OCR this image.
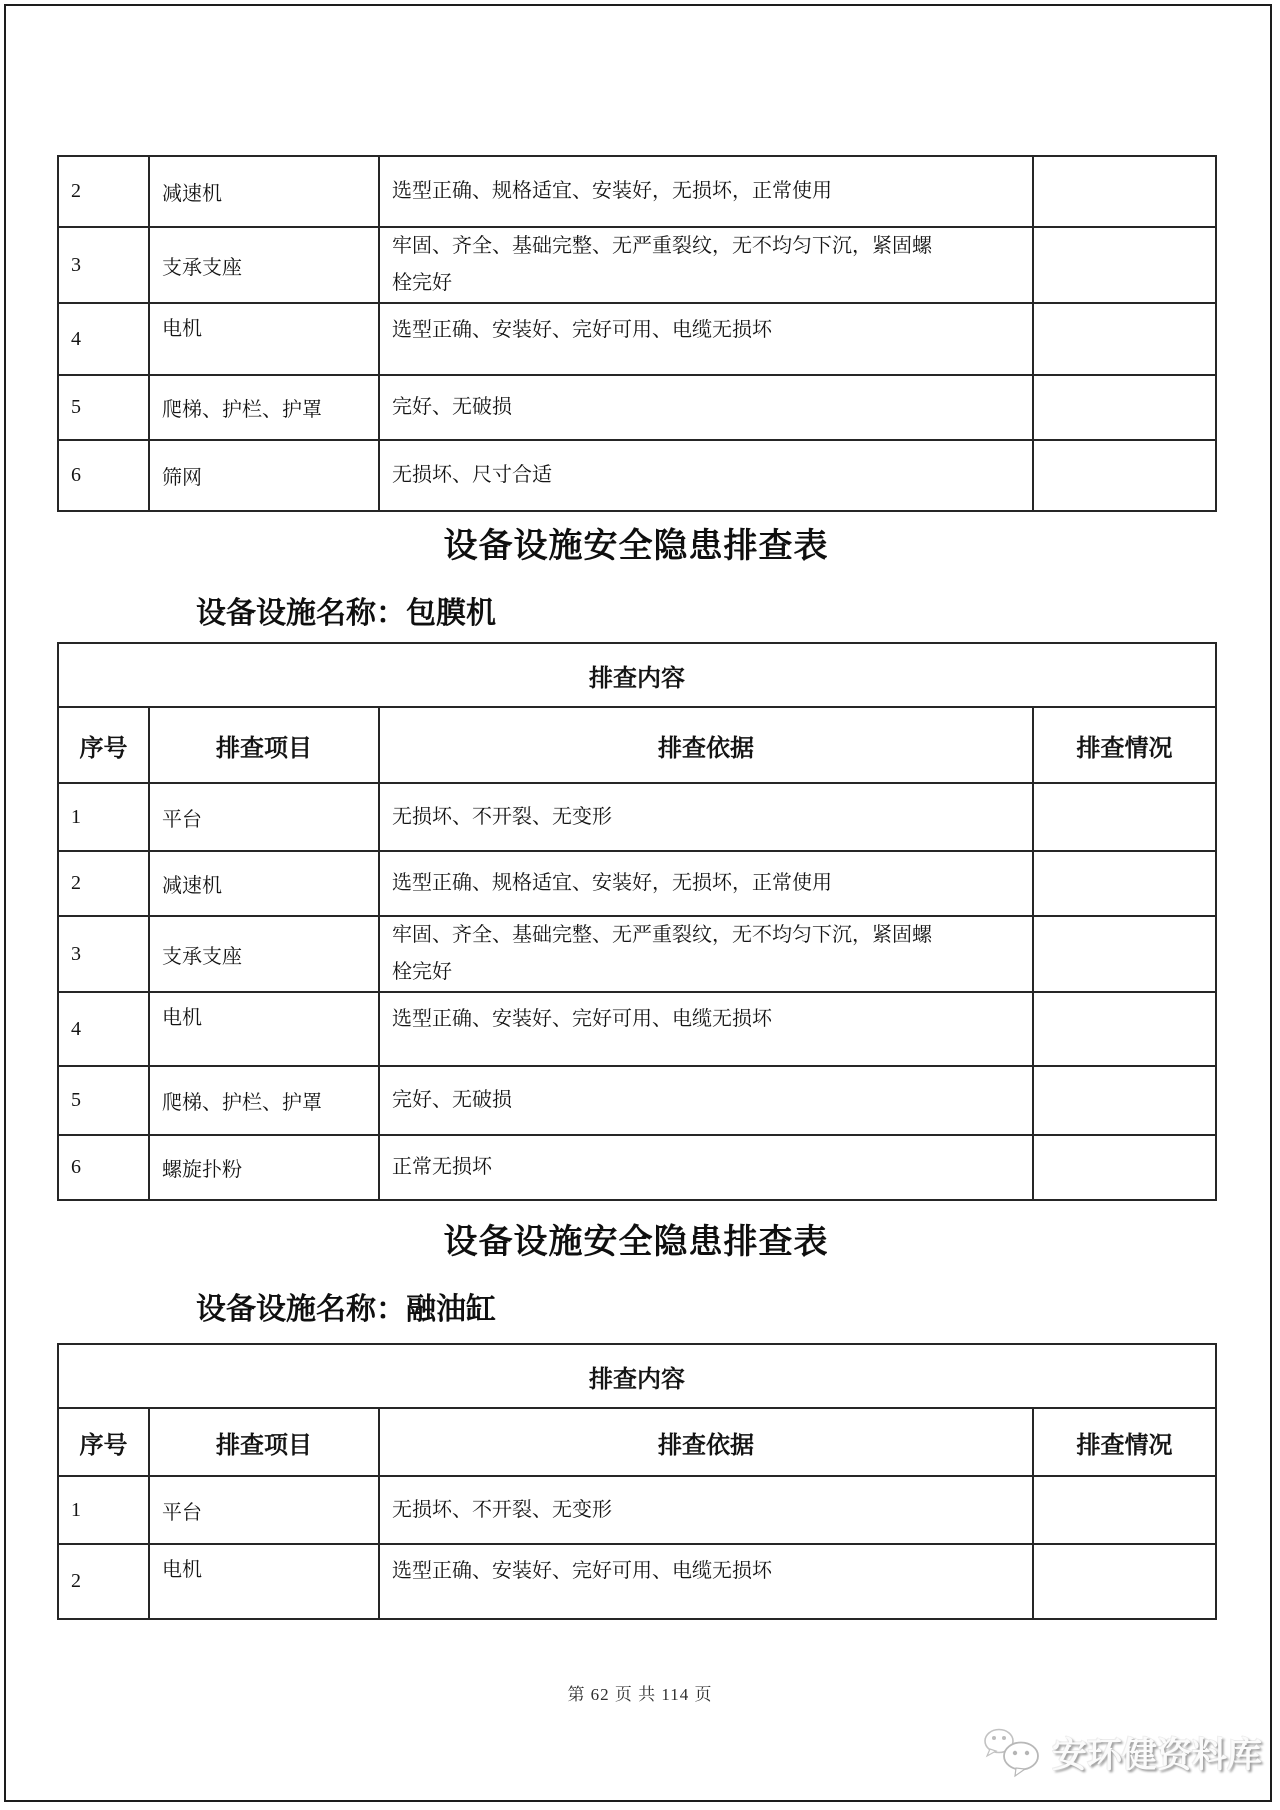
2	减速机	选型正确、规格适宜、安装好，无损坏，正常使用	

3	支承支座	牢固、齐全、基础完整、无严重裂纹，无不均匀下沉，紧固螺栓完好	

4	电机	选型正确、安装好、完好可用、电缆无损坏	

5	爬梯、护栏、护罩	完好、无破损	

6	筛网	无损坏、尺寸合适	

设备设施安全隐患排查表
设备设施名称：包膜机
排查内容			
序号	排查项目	排查依据	排查情况
1	平台	无损坏、不开裂、无变形	

2	减速机	选型正确、规格适宜、安装好，无损坏，正常使用	

3	支承支座	牢固、齐全、基础完整、无严重裂纹，无不均匀下沉，紧固螺栓完好	

4	电机	选型正确、安装好、完好可用、电缆无损坏	

5	爬梯、护栏、护罩	完好、无破损	

6	螺旋扑粉	正常无损坏	

设备设施安全隐患排查表
设备设施名称：融油缸
排查内容			
序号	排查项目	排查依据	排查情况
1	平台	无损坏、不开裂、无变形	

2	电机	选型正确、安装好、完好可用、电缆无损坏	

第 62 页 共 114 页
安环健资料库
